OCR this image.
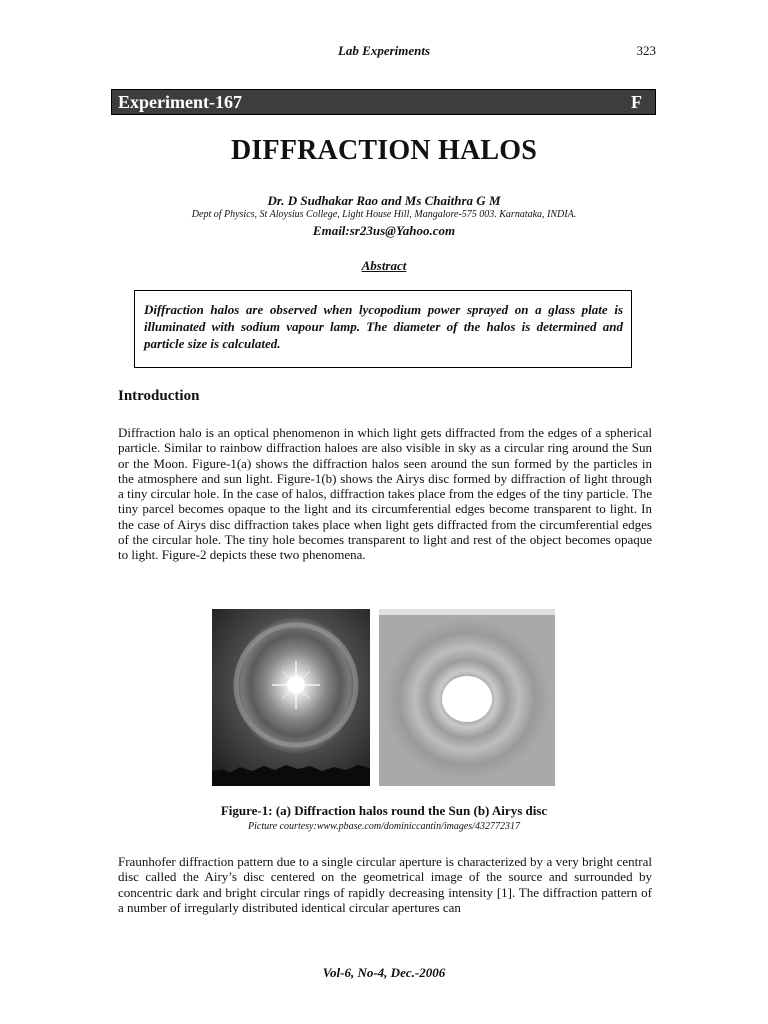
Lab Experiments	323
Experiment-167	F
DIFFRACTION HALOS
Dr. D Sudhakar Rao and Ms Chaithra G M
Dept of Physics, St Aloysius College, Light House Hill, Mangalore-575 003. Karnataka, INDIA.
Email:sr23us@Yahoo.com
Abstract
Diffraction halos are observed when lycopodium power sprayed on a glass plate is illuminated with sodium vapour lamp. The diameter of the halos is determined and particle size is calculated.
Introduction
Diffraction halo is an optical phenomenon in which light gets diffracted from the edges of a spherical particle. Similar to rainbow diffraction haloes are also visible in sky as a circular ring around the Sun or the Moon. Figure-1(a) shows the diffraction halos seen around the sun formed by the particles in the atmosphere and sun light. Figure-1(b) shows the Airys disc formed by diffraction of light through a tiny circular hole. In the case of halos, diffraction takes place from the edges of the tiny particle. The tiny parcel becomes opaque to the light and its circumferential edges become transparent to light. In the case of Airys disc diffraction takes place when light gets diffracted from the circumferential edges of the circular hole. The tiny hole becomes transparent to light and rest of the object becomes opaque to light. Figure-2 depicts these two phenomena.
Figure-1: (a) Diffraction halos round the Sun (b) Airys disc
Picture courtesy:www.pbase.com/dominiccantin/images/432772317
Fraunhofer diffraction pattern due to a single circular aperture is characterized by a very bright central disc called the Airy’s disc centered on the geometrical image of the source and surrounded by concentric dark and bright circular rings of rapidly decreasing intensity [1]. The diffraction pattern of a number of irregularly distributed identical circular apertures can
Vol-6, No-4, Dec.-2006
